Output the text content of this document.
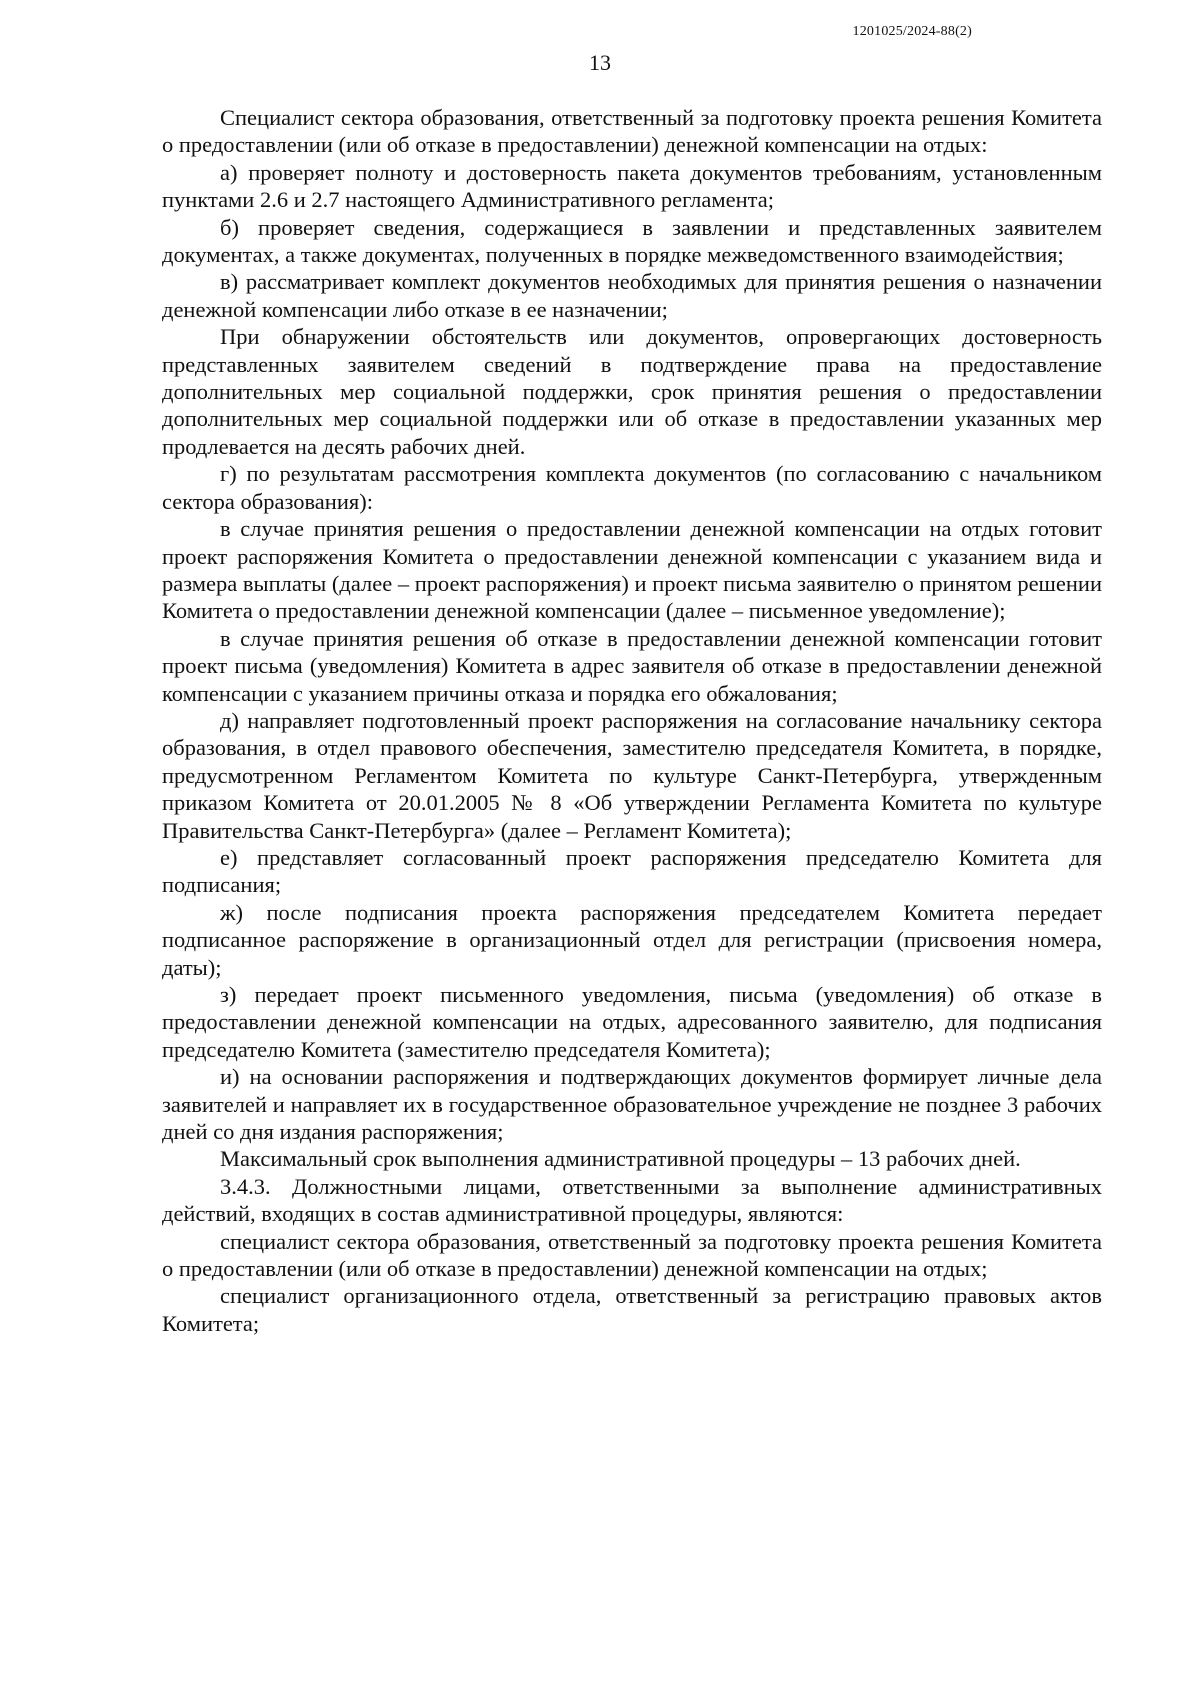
1201025/2024-88(2)
13

Специалист сектора образования, ответственный за подготовку проекта решения Комитета о предоставлении (или об отказе в предоставлении) денежной компенсации на отдых:

а) проверяет полноту и достоверность пакета документов требованиям, установленным пунктами 2.6 и 2.7 настоящего Административного регламента;

б) проверяет сведения, содержащиеся в заявлении и представленных заявителем документах, а также документах, полученных в порядке межведомственного взаимодействия;

в) рассматривает комплект документов необходимых для принятия решения о назначении денежной компенсации либо отказе в ее назначении;

При обнаружении обстоятельств или документов, опровергающих достоверность представленных заявителем сведений в подтверждение права на предоставление дополнительных мер социальной поддержки, срок принятия решения о предоставлении дополнительных мер социальной поддержки или об отказе в предоставлении указанных мер продлевается на десять рабочих дней.

г) по результатам рассмотрения комплекта документов (по согласованию с начальником сектора образования):

в случае принятия решения о предоставлении денежной компенсации на отдых готовит проект распоряжения Комитета о предоставлении денежной компенсации с указанием вида и размера выплаты (далее – проект распоряжения) и проект письма заявителю о принятом решении Комитета о предоставлении денежной компенсации (далее – письменное уведомление);

в случае принятия решения об отказе в предоставлении денежной компенсации готовит проект письма (уведомления) Комитета в адрес заявителя об отказе в предоставлении денежной компенсации с указанием причины отказа и порядка его обжалования;

д) направляет подготовленный проект распоряжения на согласование начальнику сектора образования, в отдел правового обеспечения, заместителю председателя Комитета, в порядке, предусмотренном Регламентом Комитета по культуре Санкт-Петербурга, утвержденным приказом Комитета от 20.01.2005 № 8 «Об утверждении Регламента Комитета по культуре Правительства Санкт-Петербурга» (далее – Регламент Комитета);

е) представляет согласованный проект распоряжения председателю Комитета для подписания;

ж) после подписания проекта распоряжения председателем Комитета передает подписанное распоряжение в организационный отдел для регистрации (присвоения номера, даты);

з) передает проект письменного уведомления, письма (уведомления) об отказе в предоставлении денежной компенсации на отдых, адресованного заявителю, для подписания председателю Комитета (заместителю председателя Комитета);

и) на основании распоряжения и подтверждающих документов формирует личные дела заявителей и направляет их в государственное образовательное учреждение не позднее 3 рабочих дней со дня издания распоряжения;

Максимальный срок выполнения административной процедуры – 13 рабочих дней.

3.4.3. Должностными лицами, ответственными за выполнение административных действий, входящих в состав административной процедуры, являются:

специалист сектора образования, ответственный за подготовку проекта решения Комитета о предоставлении (или об отказе в предоставлении) денежной компенсации на отдых;

специалист организационного отдела, ответственный за регистрацию правовых актов Комитета;
